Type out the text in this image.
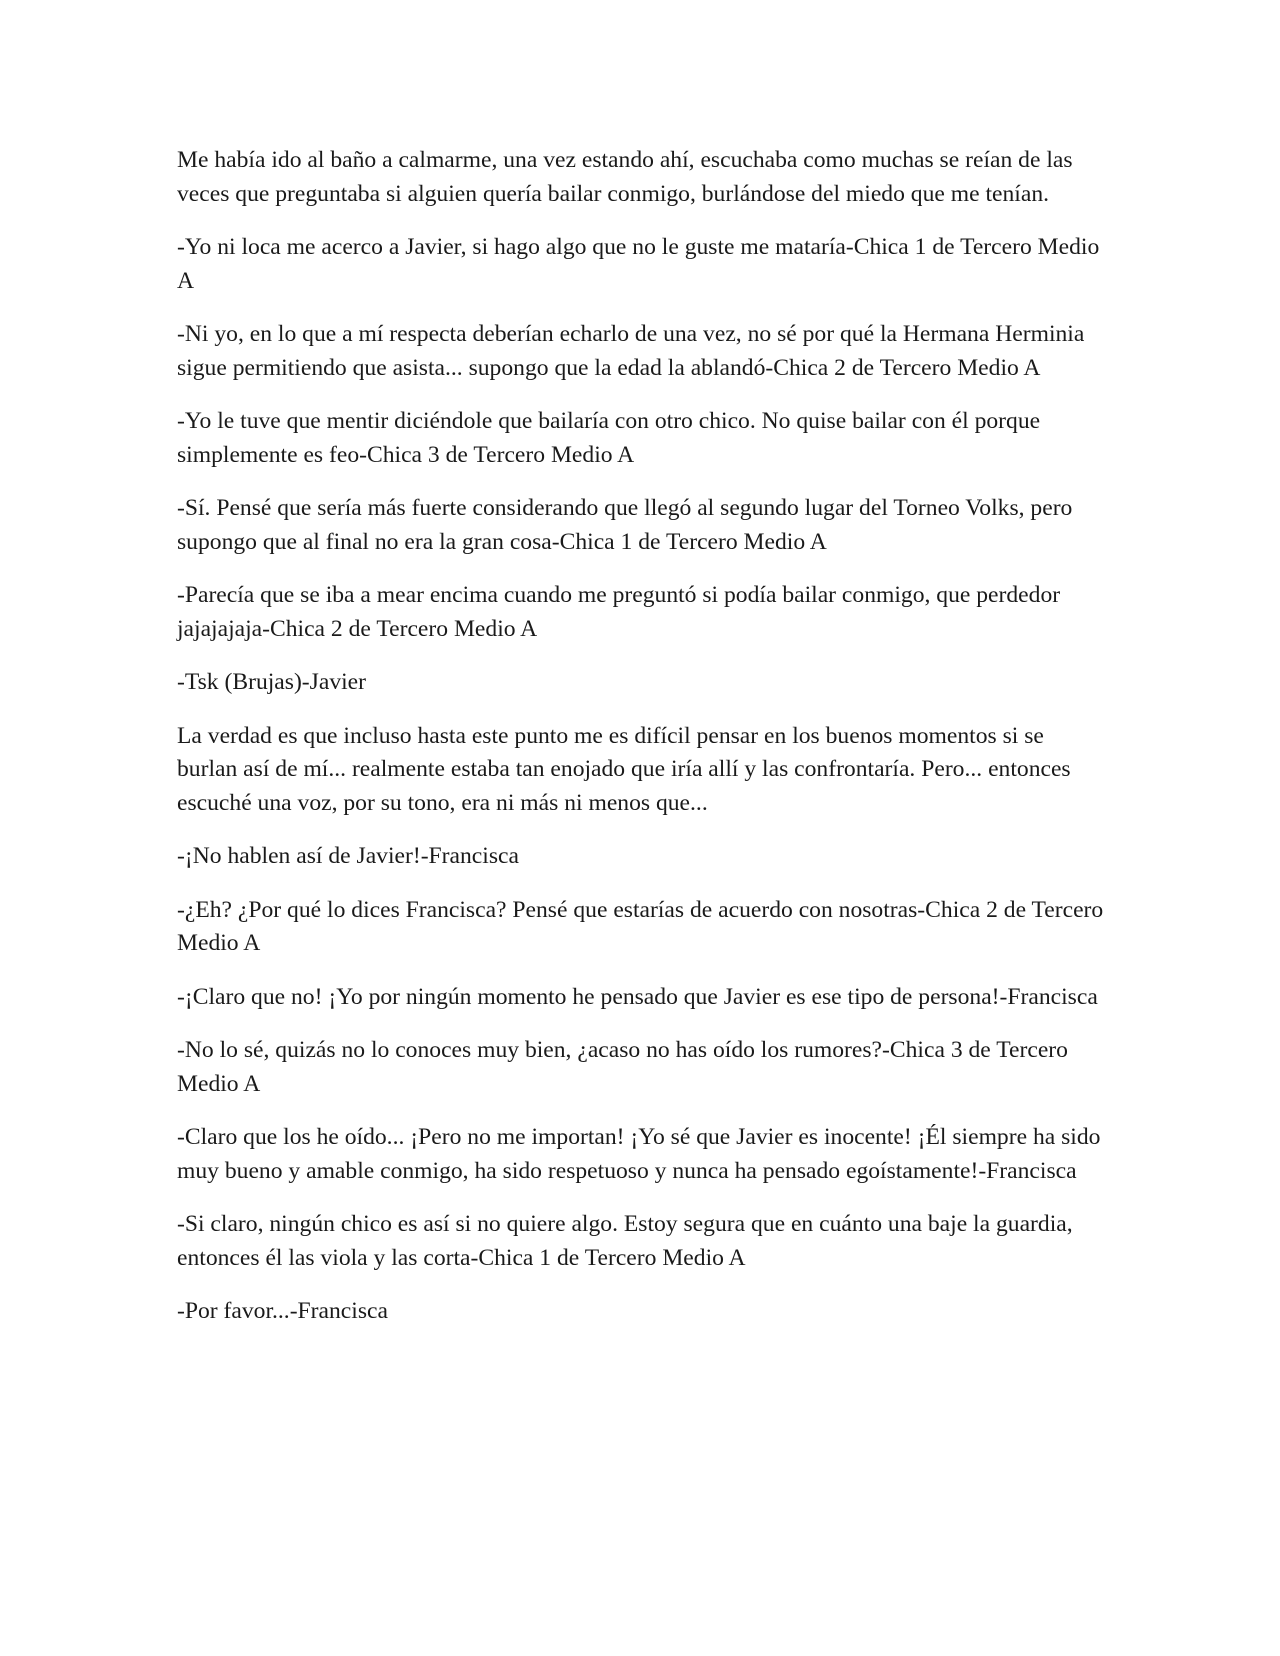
Me había ido al baño a calmarme, una vez estando ahí, escuchaba como muchas se reían de las veces que preguntaba si alguien quería bailar conmigo, burlándose del miedo que me tenían.

-Yo ni loca me acerco a Javier, si hago algo que no le guste me mataría-Chica 1 de Tercero Medio A

-Ni yo, en lo que a mí respecta deberían echarlo de una vez, no sé por qué la Hermana Herminia sigue permitiendo que asista... supongo que la edad la ablandó-Chica 2 de Tercero Medio A

-Yo le tuve que mentir diciéndole que bailaría con otro chico. No quise bailar con él porque simplemente es feo-Chica 3 de Tercero Medio A

-Sí. Pensé que sería más fuerte considerando que llegó al segundo lugar del Torneo Volks, pero supongo que al final no era la gran cosa-Chica 1 de Tercero Medio A

-Parecía que se iba a mear encima cuando me preguntó si podía bailar conmigo, que perdedor jajajajaja-Chica 2 de Tercero Medio A

-Tsk (Brujas)-Javier

La verdad es que incluso hasta este punto me es difícil pensar en los buenos momentos si se burlan así de mí... realmente estaba tan enojado que iría allí y las confrontaría. Pero... entonces escuché una voz, por su tono, era ni más ni menos que...

-¡No hablen así de Javier!-Francisca

-¿Eh? ¿Por qué lo dices Francisca? Pensé que estarías de acuerdo con nosotras-Chica 2 de Tercero Medio A

-¡Claro que no! ¡Yo por ningún momento he pensado que Javier es ese tipo de persona!-Francisca

-No lo sé, quizás no lo conoces muy bien, ¿acaso no has oído los rumores?-Chica 3 de Tercero Medio A

-Claro que los he oído... ¡Pero no me importan! ¡Yo sé que Javier es inocente! ¡Él siempre ha sido muy bueno y amable conmigo, ha sido respetuoso y nunca ha pensado egoístamente!-Francisca

-Si claro, ningún chico es así si no quiere algo. Estoy segura que en cuánto una baje la guardia, entonces él las viola y las corta-Chica 1 de Tercero Medio A

-Por favor...-Francisca
